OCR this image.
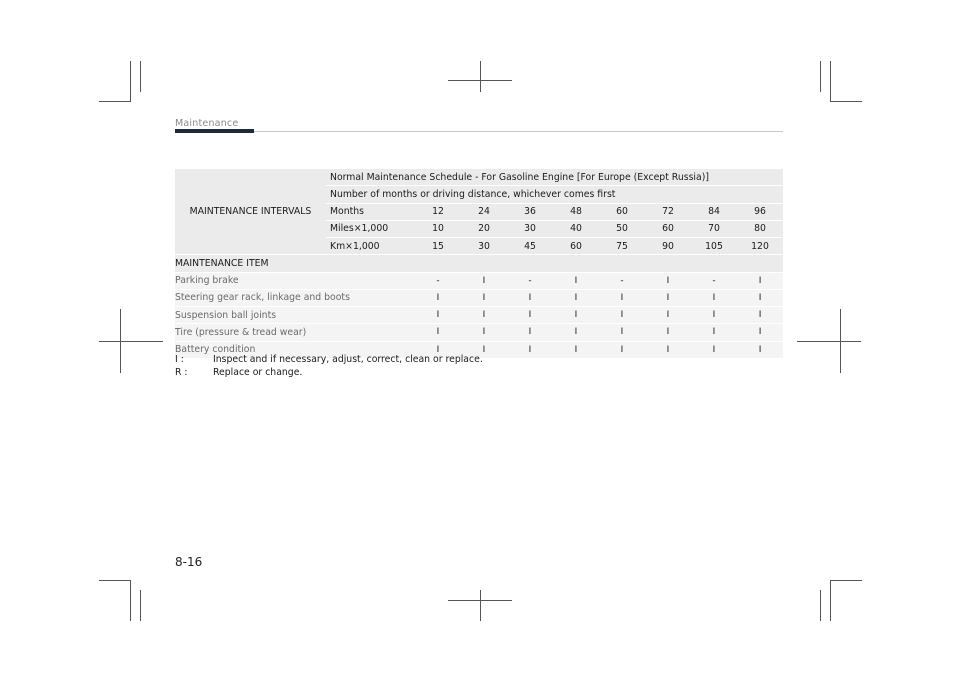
Maintenance
MAINTENANCE INTERVALS	Normal Maintenance Schedule - For Gasoline Engine [For Europe (Except Russia)]								
	Number of months or driving distance, whichever comes first								
	Months	12	24	36	48	60	72	84	96
	Miles×1,000	10	20	30	40	50	60	70	80
	Km×1,000	15	30	45	60	75	90	105	120
MAINTENANCE ITEM									
Parking brake		-	I	-	I	-	I	-	I
Steering gear rack, linkage and boots		I	I	I	I	I	I	I	I
Suspension ball joints		I	I	I	I	I	I	I	I
Tire (pressure & tread wear)		I	I	I	I	I	I	I	I
Battery condition		I	I	I	I	I	I	I	I
I :	Inspect and if necessary, adjust, correct, clean or replace.
R :	Replace or change.
8-16
